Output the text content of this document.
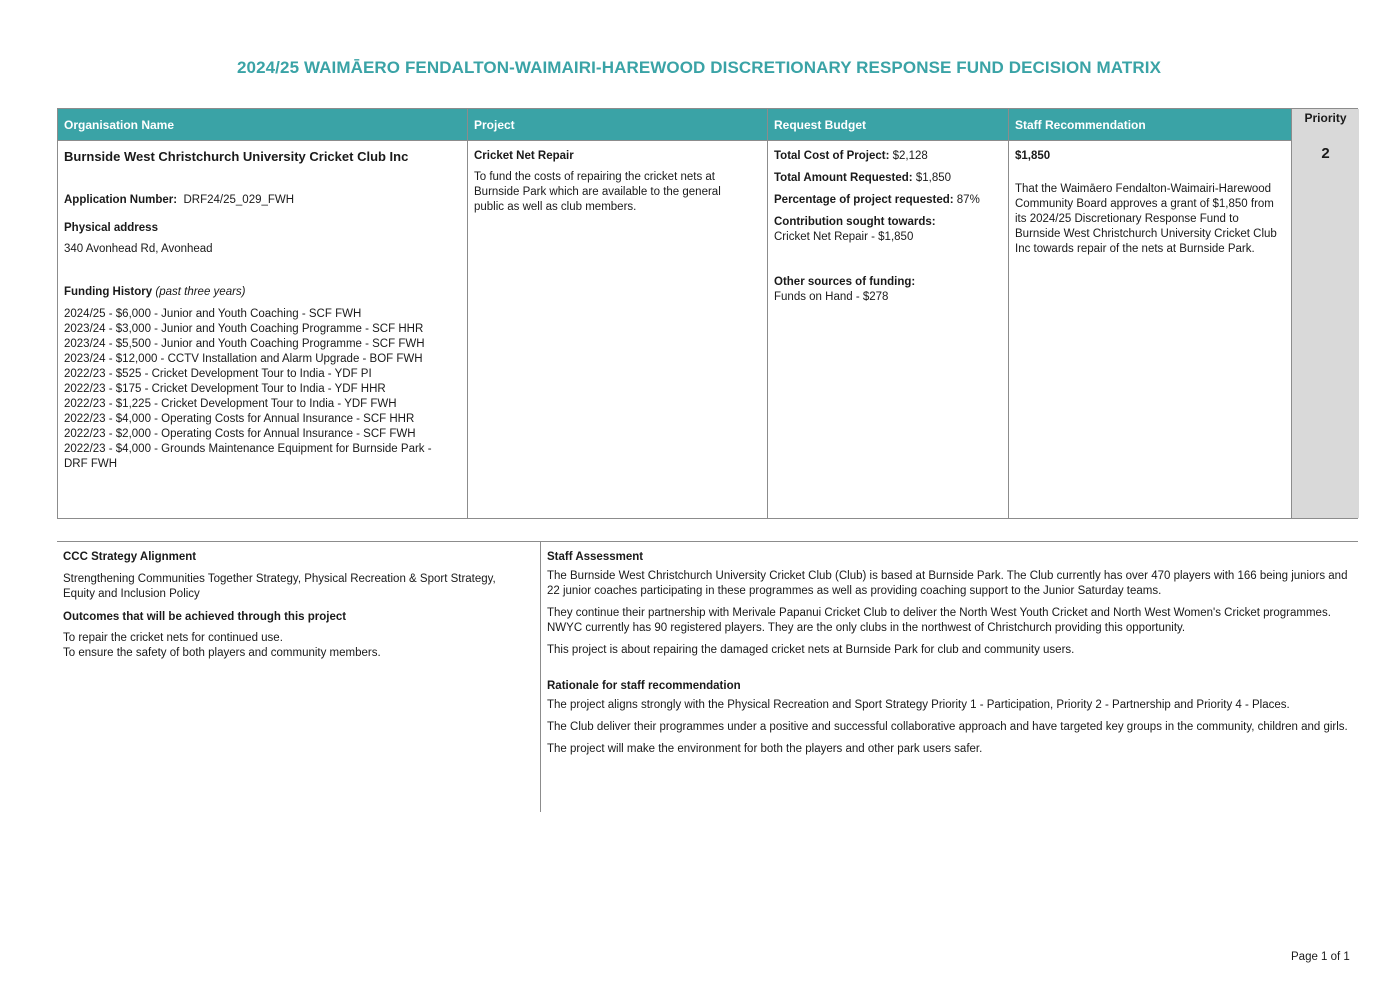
2024/25 WAIMĀERO FENDALTON-WAIMAIRI-HAREWOOD DISCRETIONARY RESPONSE FUND DECISION MATRIX
Organisation Name
Burnside West Christchurch University Cricket Club Inc
Application Number: DRF24/25_029_FWH
Physical address
340 Avonhead Rd, Avonhead
Funding History (past three years)
2024/25 - $6,000 - Junior and Youth Coaching - SCF FWH
2023/24 - $3,000 - Junior and Youth Coaching Programme - SCF HHR
2023/24 - $5,500 - Junior and Youth Coaching Programme - SCF FWH
2023/24 - $12,000 - CCTV Installation and Alarm Upgrade - BOF FWH
2022/23 - $525 - Cricket Development Tour to India - YDF PI
2022/23 - $175 - Cricket Development Tour to India - YDF HHR
2022/23 - $1,225 - Cricket Development Tour to India - YDF FWH
2022/23 - $4,000 - Operating Costs for Annual Insurance - SCF HHR
2022/23 - $2,000 - Operating Costs for Annual Insurance - SCF FWH
2022/23 - $4,000 - Grounds Maintenance Equipment for Burnside Park - DRF FWH
Project
Cricket Net Repair
To fund the costs of repairing the cricket nets at Burnside Park which are available to the general public as well as club members.
Request Budget
Total Cost of Project: $2,128
Total Amount Requested: $1,850
Percentage of project requested: 87%
Contribution sought towards:
Cricket Net Repair - $1,850
Other sources of funding:
Funds on Hand - $278
Staff Recommendation
$1,850
That the Waimāero Fendalton-Waimairi-Harewood Community Board approves a grant of $1,850 from its 2024/25 Discretionary Response Fund to Burnside West Christchurch University Cricket Club Inc towards repair of the nets at Burnside Park.
Priority
2
CCC Strategy Alignment
Strengthening Communities Together Strategy, Physical Recreation & Sport Strategy, Equity and Inclusion Policy
Outcomes that will be achieved through this project
To repair the cricket nets for continued use.
To ensure the safety of both players and community members.
Staff Assessment
The Burnside West Christchurch University Cricket Club (Club) is based at Burnside Park. The Club currently has over 470 players with 166 being juniors and 22 junior coaches participating in these programmes as well as providing coaching support to the Junior Saturday teams.
They continue their partnership with Merivale Papanui Cricket Club to deliver the North West Youth Cricket and North West Women's Cricket programmes. NWYC currently has 90 registered players. They are the only clubs in the northwest of Christchurch providing this opportunity.
This project is about repairing the damaged cricket nets at Burnside Park for club and community users.
Rationale for staff recommendation
The project aligns strongly with the Physical Recreation and Sport Strategy Priority 1 - Participation, Priority 2 - Partnership and Priority 4 - Places.
The Club deliver their programmes under a positive and successful collaborative approach and have targeted key groups in the community, children and girls.
The project will make the environment for both the players and other park users safer.
Page 1 of 1
